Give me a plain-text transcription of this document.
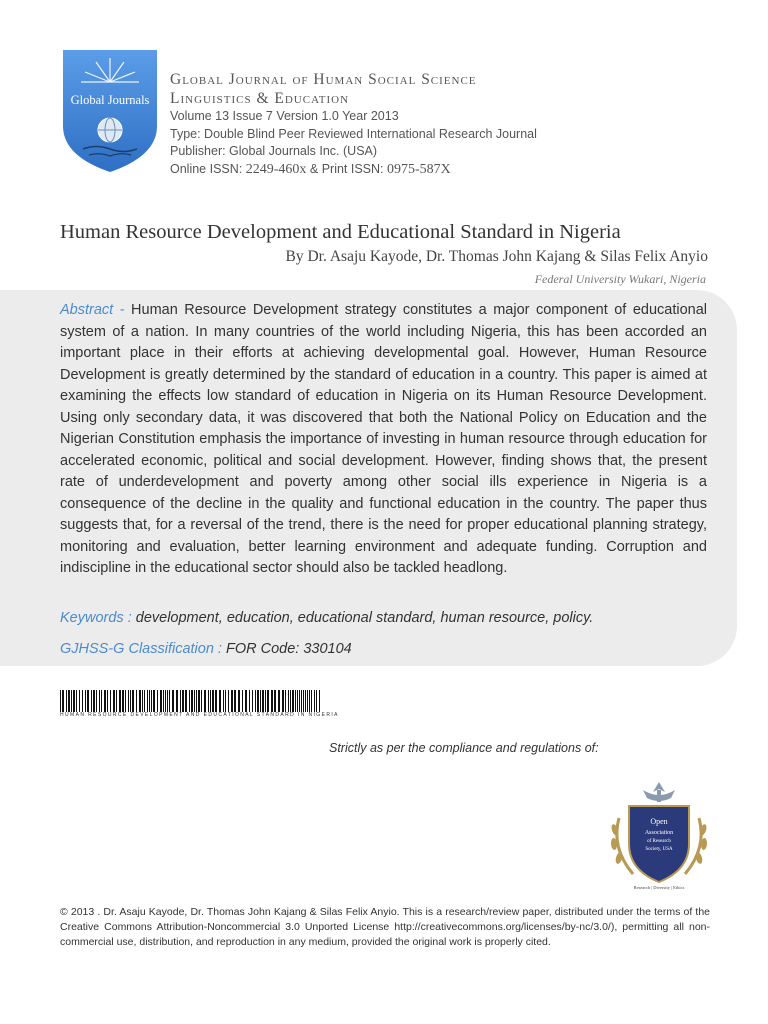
Global Journals
Global Journal of Human Social Science
Linguistics & Education
Volume 13 Issue 7 Version 1.0 Year 2013
Type: Double Blind Peer Reviewed International Research Journal
Publisher: Global Journals Inc. (USA)
Online ISSN: 2249-460x & Print ISSN: 0975-587X
Human Resource Development and Educational Standard in Nigeria
By Dr. Asaju Kayode, Dr. Thomas John Kajang & Silas Felix Anyio
Federal University Wukari, Nigeria
Abstract - Human Resource Development strategy constitutes a major component of educational system of a nation. In many countries of the world including Nigeria, this has been accorded an important place in their efforts at achieving developmental goal. However, Human Resource Development is greatly determined by the standard of education in a country. This paper is aimed at examining the effects low standard of education in Nigeria on its Human Resource Development. Using only secondary data, it was discovered that both the National Policy on Education and the Nigerian Constitution emphasis the importance of investing in human resource through education for accelerated economic, political and social development. However, finding shows that, the present rate of underdevelopment and poverty among other social ills experience in Nigeria is a consequence of the decline in the quality and functional education in the country. The paper thus suggests that, for a reversal of the trend, there is the need for proper educational planning strategy, monitoring and evaluation, better learning environment and adequate funding. Corruption and indiscipline in the educational sector should also be tackled headlong.
Keywords : development, education, educational standard, human resource, policy.
GJHSS-G Classification : FOR Code: 330104
HUMAN RESOURCE DEVELOPMENT AND EDUCATIONAL STANDARD IN NIGERIA
Strictly as per the compliance and regulations of:
Open
Association
of Research
Society, USA
Research | Diversity | Ethics
© 2013 . Dr. Asaju Kayode, Dr. Thomas John Kajang & Silas Felix Anyio. This is a research/review paper, distributed under the terms of the Creative Commons Attribution-Noncommercial 3.0 Unported License http://creativecommons.org/licenses/by-nc/3.0/), permitting all non-commercial use, distribution, and reproduction in any medium, provided the original work is properly cited.
